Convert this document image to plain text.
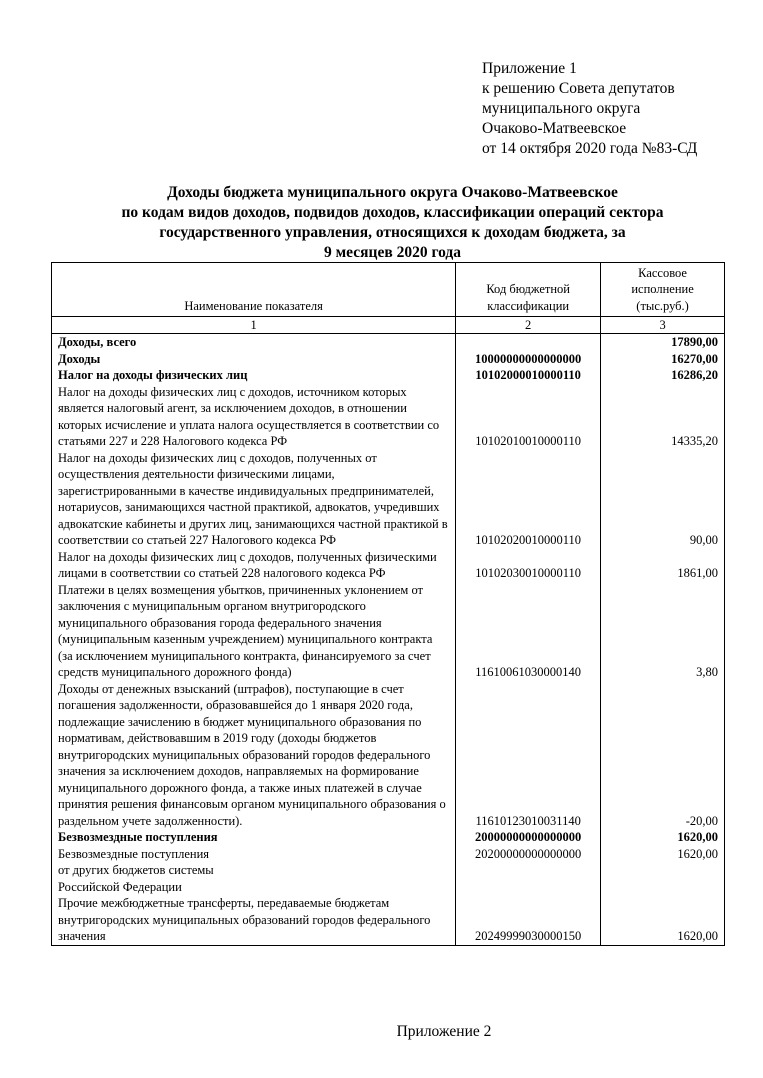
Приложение 1
к решению Совета депутатов
муниципального округа
Очаково-Матвеевское
от 14 октября 2020 года №83-СД
Доходы бюджета муниципального округа Очаково-Матвеевское
по кодам видов доходов, подвидов доходов, классификации операций сектора
государственного управления, относящихся к доходам бюджета, за
9 месяцев 2020 года
Наименование показателя	Код бюджетной классификации	Кассовое исполнение (тыс.руб.)
1	2	3
Доходы, всего		17890,00
Доходы	10000000000000000	16270,00
Налог на доходы физических лиц	10102000010000110	16286,20
Налог на доходы физических лиц с доходов, источником которых является налоговый агент, за исключением доходов, в отношении которых исчисление и уплата налога осуществляется в соответствии со статьями 227 и 228 Налогового кодекса РФ	10102010010000110	14335,20
Налог на доходы физических лиц с доходов, полученных от осуществления деятельности физическими лицами, зарегистрированными в качестве индивидуальных предпринимателей, нотариусов, занимающихся частной практикой, адвокатов, учредивших адвокатские кабинеты и других лиц, занимающихся частной практикой в соответствии со статьей 227 Налогового кодекса РФ	10102020010000110	90,00
Налог на доходы физических лиц с доходов, полученных физическими лицами в соответствии со статьей 228 налогового кодекса РФ	10102030010000110	1861,00
Платежи в целях возмещения убытков, причиненных уклонением от заключения с муниципальным органом внутригородского муниципального образования города федерального значения (муниципальным казенным учреждением) муниципального контракта (за исключением муниципального контракта, финансируемого за счет средств муниципального дорожного фонда)	11610061030000140	3,80
Доходы от денежных взысканий (штрафов), поступающие в счет погашения задолженности, образовавшейся до 1 января 2020 года, подлежащие зачислению в бюджет муниципального образования по нормативам, действовавшим в 2019 году (доходы бюджетов внутригородских муниципальных образований городов федерального значения за исключением доходов, направляемых на формирование муниципального дорожного фонда, а также иных платежей в случае принятия решения финансовым органом муниципального образования о раздельном учете задолженности).	11610123010031140	-20,00
Безвозмездные поступления	20000000000000000	1620,00
Безвозмездные поступления
от других бюджетов системы
Российской Федерации	20200000000000000	1620,00
Прочие межбюджетные трансферты, передаваемые бюджетам внутригородских муниципальных образований городов федерального значения	20249999030000150	1620,00
Приложение 2
